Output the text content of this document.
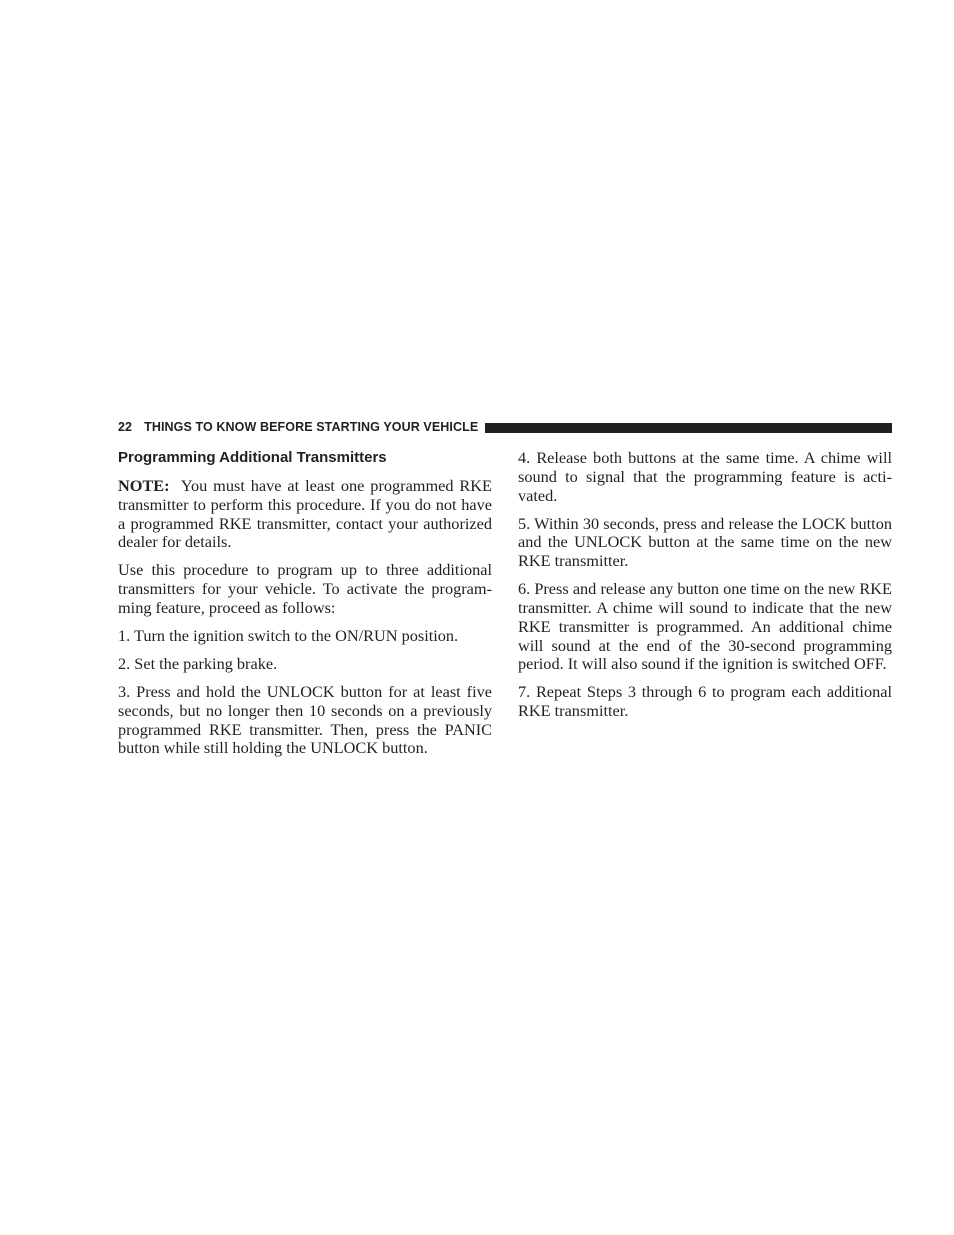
22 THINGS TO KNOW BEFORE STARTING YOUR VEHICLE
Programming Additional Transmitters

NOTE: You must have at least one programmed RKE transmitter to perform this procedure. If you do not have a programmed RKE transmitter, contact your authorized dealer for details.

Use this procedure to program up to three additional transmitters for your vehicle. To activate the programming feature, proceed as follows:

1. Turn the ignition switch to the ON/RUN position.

2. Set the parking brake.

3. Press and hold the UNLOCK button for at least five seconds, but no longer then 10 seconds on a previously programmed RKE transmitter. Then, press the PANIC button while still holding the UNLOCK button.

4. Release both buttons at the same time. A chime will sound to signal that the programming feature is activated.

5. Within 30 seconds, press and release the LOCK button and the UNLOCK button at the same time on the new RKE transmitter.

6. Press and release any button one time on the new RKE transmitter. A chime will sound to indicate that the new RKE transmitter is programmed. An additional chime will sound at the end of the 30-second programming period. It will also sound if the ignition is switched OFF.

7. Repeat Steps 3 through 6 to program each additional RKE transmitter.
